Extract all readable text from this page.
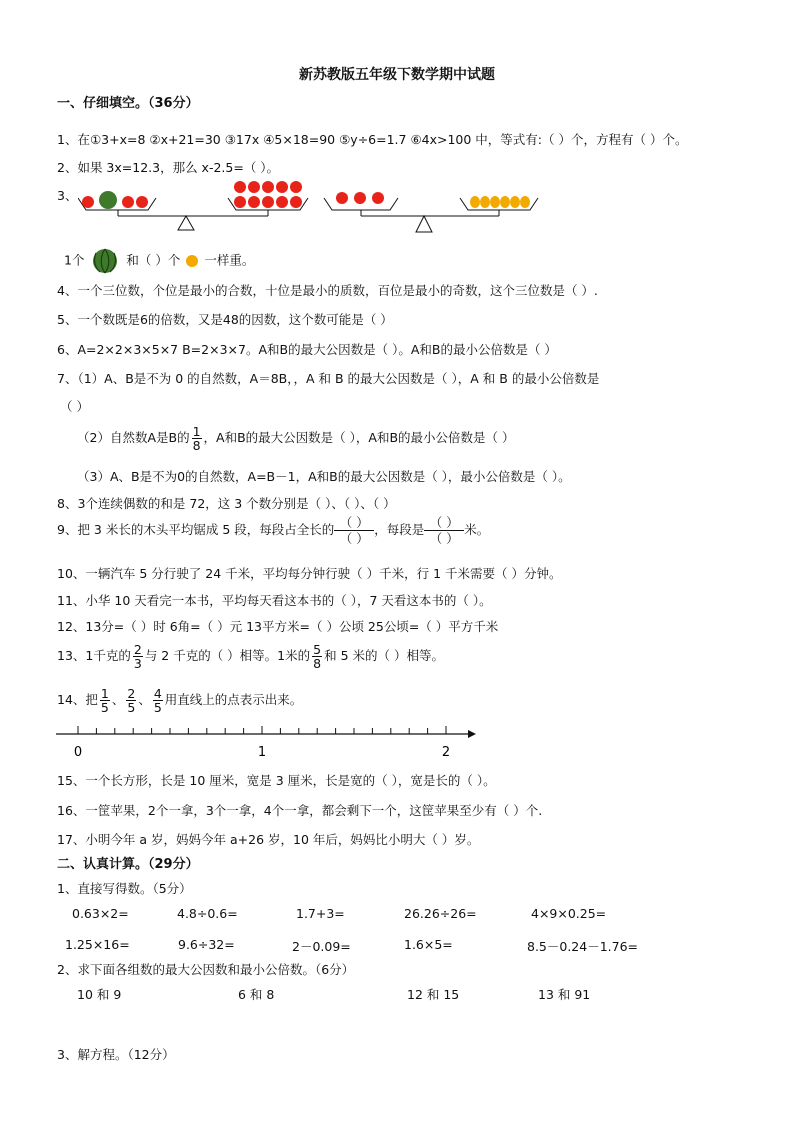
新苏教版五年级下数学期中试题
一、仔细填空。（36分）
1、在①3+x=8 ②x+21=30 ③17x ④5×18=90 ⑤y÷6=1.7 ⑥4x>100 中，等式有:（ ）个，方程有（ ）个。
2、如果 3x=12.3，那么 x-2.5=（ ）。
3、
1个	和（ ）个 一样重。
4、一个三位数，个位是最小的合数，十位是最小的质数，百位是最小的奇数，这个三位数是（ ）.
5、一个数既是6的倍数，又是48的因数，这个数可能是（ ）
6、A=2×2×3×5×7 B=2×3×7。A和B的最大公因数是（ ）。A和B的最小公倍数是（ ）
7、（1）A、B是不为 0 的自然数，A＝8B，，A 和 B 的最大公因数是（ ），A 和 B 的最小公倍数是
（ ）
（2）自然数A是B的 $\frac{1}{8}$ ，A和B的最大公因数是（ ），A和B的最小公倍数是（ ）
（3）A、B是不为0的自然数，A=B－1，A和B的最大公因数是（ ），最小公倍数是（ ）。
8、3个连续偶数的和是 72，这 3 个数分别是（ ）、（ ）、（ ）
9、把 3 米长的木头平均锯成 5 段，每段占全长的 （ ）
（ ）
，每段是 （ ）
（ ）
米。
10、一辆汽车 5 分行驶了 24 千米，平均每分钟行驶（ ）千米，行 1 千米需要（ ）分钟。
11、小华 10 天看完一本书，平均每天看这本书的（ ），7 天看这本书的（ ）。
12、13分=（ ）时 6角=（ ）元 13平方米=（ ）公顷 25公顷=（ ）平方千米
13、1千克的 $\frac{2}{3}$ 与 2 千克的（ ）相等。1米的 $\frac{5}{8}$ 和 5 米的（ ）相等。
14、把 $\frac{1}{5}$ 、 $\frac{2}{5}$ 、 $\frac{4}{5}$ 用直线上的点表示出来。
0	1	2
15、一个长方形，长是 10 厘米，宽是 3 厘米，长是宽的（ ），宽是长的（ ）。
16、一筐苹果，2个一拿，3个一拿，4个一拿，都会剩下一个，这筐苹果至少有（ ）个.
17、小明今年 a 岁，妈妈今年 a+26 岁，10 年后，妈妈比小明大（ ）岁。
二、认真计算。（29分）
1、直接写得数。（5分）
0.63×2=	4.8÷0.6=	1.7+3=	26.26÷26=	4×9×0.25=
1.25×16=	9.6÷32=	2－0.09=	1.6×5=	8.5－0.24－1.76=
2、求下面各组数的最大公因数和最小公倍数。（6分）
10 和 9	6 和 8	12 和 15	13 和 91
3、解方程。（12分）
